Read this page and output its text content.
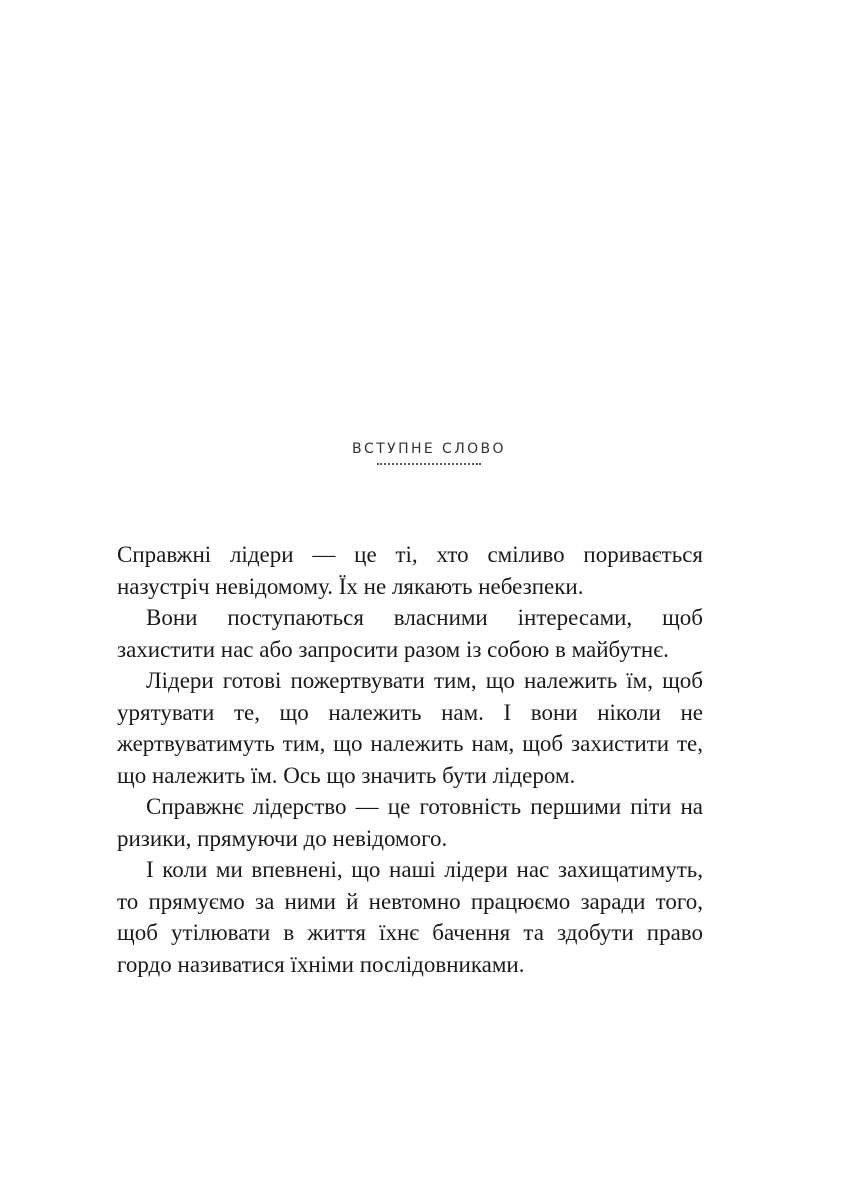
ВСТУПНЕ СЛОВО

Справжні лідери — це ті, хто сміливо поривається назустріч невідомому. Їх не лякають небезпеки.

Вони поступаються власними інтересами, щоб захистити нас або запросити разом із собою в майбутнє.

Лідери готові пожертвувати тим, що належить їм, щоб урятувати те, що належить нам. І вони ніколи не жертвуватимуть тим, що належить нам, щоб захистити те, що належить їм. Ось що значить бути лідером.

Справжнє лідерство — це готовність першими піти на ризики, прямуючи до невідомого.

І коли ми впевнені, що наші лідери нас захищатимуть, то прямуємо за ними й невтомно працюємо заради того, щоб утілювати в життя їхнє бачення та здобути право гордо називатися їхніми послідовниками.
